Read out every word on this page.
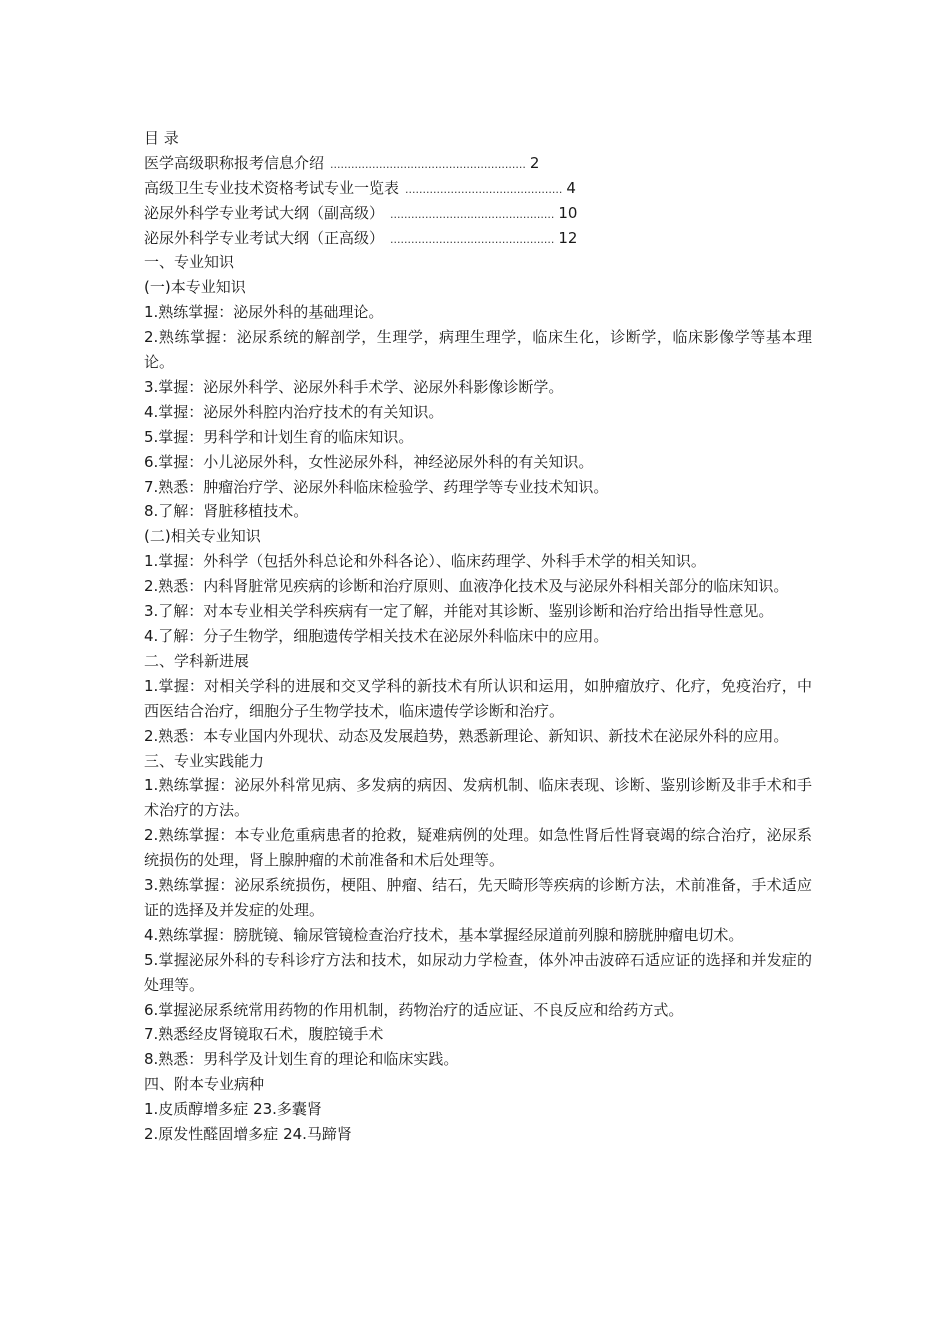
目 录
医学高级职称报考信息介绍 ........................................................ 2
高级卫生专业技术资格考试专业一览表 ............................................. 4
泌尿外科学专业考试大纲（副高级） ............................................... 10
泌尿外科学专业考试大纲（正高级） ............................................... 12
一、专业知识
(一)本专业知识
1.熟练掌握：泌尿外科的基础理论。
2.熟练掌握：泌尿系统的解剖学，生理学，病理生理学，临床生化，诊断学，临床影像学等基本理论。
3.掌握：泌尿外科学、泌尿外科手术学、泌尿外科影像诊断学。
4.掌握：泌尿外科腔内治疗技术的有关知识。
5.掌握：男科学和计划生育的临床知识。
6.掌握：小儿泌尿外科，女性泌尿外科，神经泌尿外科的有关知识。
7.熟悉：肿瘤治疗学、泌尿外科临床检验学、药理学等专业技术知识。
8.了解：肾脏移植技术。
(二)相关专业知识
1.掌握：外科学（包括外科总论和外科各论）、临床药理学、外科手术学的相关知识。
2.熟悉：内科肾脏常见疾病的诊断和治疗原则、血液净化技术及与泌尿外科相关部分的临床知识。
3.了解：对本专业相关学科疾病有一定了解，并能对其诊断、鉴别诊断和治疗给出指导性意见。
4.了解：分子生物学，细胞遗传学相关技术在泌尿外科临床中的应用。
二、学科新进展
1.掌握：对相关学科的进展和交叉学科的新技术有所认识和运用，如肿瘤放疗、化疗，免疫治疗，中西医结合治疗，细胞分子生物学技术，临床遗传学诊断和治疗。
2.熟悉：本专业国内外现状、动态及发展趋势，熟悉新理论、新知识、新技术在泌尿外科的应用。
三、专业实践能力
1.熟练掌握：泌尿外科常见病、多发病的病因、发病机制、临床表现、诊断、鉴别诊断及非手术和手术治疗的方法。
2.熟练掌握：本专业危重病患者的抢救，疑难病例的处理。如急性肾后性肾衰竭的综合治疗，泌尿系统损伤的处理，肾上腺肿瘤的术前准备和术后处理等。
3.熟练掌握：泌尿系统损伤，梗阻、肿瘤、结石，先天畸形等疾病的诊断方法，术前准备，手术适应证的选择及并发症的处理。
4.熟练掌握：膀胱镜、输尿管镜检查治疗技术，基本掌握经尿道前列腺和膀胱肿瘤电切术。
5.掌握泌尿外科的专科诊疗方法和技术，如尿动力学检查，体外冲击波碎石适应证的选择和并发症的处理等。
6.掌握泌尿系统常用药物的作用机制，药物治疗的适应证、不良反应和给药方式。
7.熟悉经皮肾镜取石术，腹腔镜手术
8.熟悉：男科学及计划生育的理论和临床实践。
四、附本专业病种
1.皮质醇增多症 23.多囊肾
2.原发性醛固增多症 24.马蹄肾
